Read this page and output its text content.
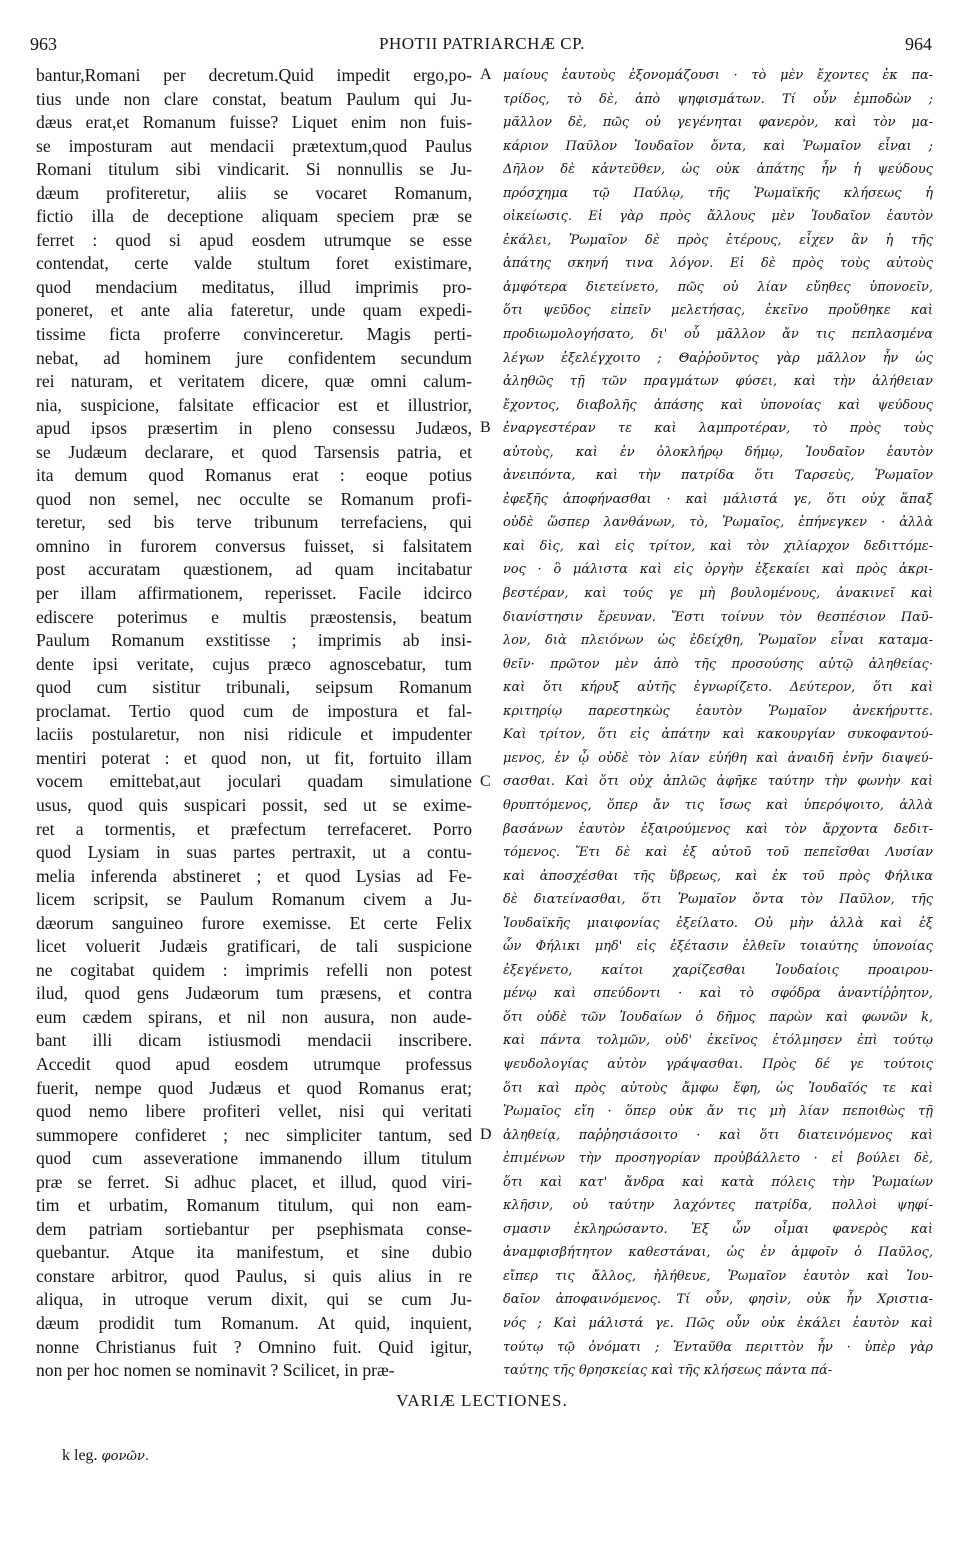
963	PHOTII PATRIARCHÆ CP.	964
bantur,Romani per decretum.Quid impedit ergo,po-
tius unde non clare constat, beatum Paulum qui Ju-
dæus erat,et Romanum fuisse? Liquet enim non fuis-
se imposturam aut mendacii prætextum,quod Paulus
Romani titulum sibi vindicarit. Si nonnullis se Ju-
dæum profiteretur, aliis se vocaret Romanum,
fictio illa de deceptione aliquam speciem præ se
ferret : quod si apud eosdem utrumque se esse
contendat, certe valde stultum foret existimare,
quod mendacium meditatus, illud imprimis pro-
poneret, et ante alia fateretur, unde quam expedi-
tissime ficta proferre convinceretur. Magis perti-
nebat, ad hominem jure confidentem secundum
rei naturam, et veritatem dicere, quæ omni calum-
nia, suspicione, falsitate efficacior est et illustrior,
apud ipsos præsertim in pleno consessu Judæos,
se Judæum declarare, et quod Tarsensis patria, et
ita demum quod Romanus erat : eoque potius
quod non semel, nec occulte se Romanum profi-
teretur, sed bis terve tribunum terrefaciens, qui
omnino in furorem conversus fuisset, si falsitatem
post accuratam quæstionem, ad quam incitabatur
per illam affirmationem, reperisset. Facile idcirco
ediscere poterimus e multis præostensis, beatum
Paulum Romanum exstitisse ; imprimis ab insi-
dente ipsi veritate, cujus præco agnoscebatur, tum
quod cum sistitur tribunali, seipsum Romanum
proclamat. Tertio quod cum de impostura et fal-
laciis postularetur, non nisi ridicule et impudenter
mentiri poterat : et quod non, ut fit, fortuito illam
vocem emittebat,aut joculari quadam simulatione
usus, quod quis suspicari possit, sed ut se exime-
ret a tormentis, et præfectum terrefaceret. Porro
quod Lysiam in suas partes pertraxit, ut a contu-
melia inferenda abstineret ; et quod Lysias ad Fe-
licem scripsit, se Paulum Romanum civem a Ju-
dæorum sanguineo furore exemisse. Et certe Felix
licet voluerit Judæis gratificari, de tali suspicione
ne cogitabat quidem : imprimis refelli non potest
ilud, quod gens Judæorum tum præsens, et contra
eum cædem spirans, et nil non ausura, non aude-
bant illi dicam istiusmodi mendacii inscribere.
Accedit quod apud eosdem utrumque professus
fuerit, nempe quod Judæus et quod Romanus erat;
quod nemo libere profiteri vellet, nisi qui veritati
summopere confideret ; nec simpliciter tantum, sed
quod cum asseveratione immanendo illum titulum
præ se ferret. Si adhuc placet, et illud, quod viri-
tim et urbatim, Romanum titulum, qui non eam-
dem patriam sortiebantur per psephismata conse-
quebantur. Atque ita manifestum, et sine dubio
constare arbitror, quod Paulus, si quis alius in re
aliqua, in utroque verum dixit, qui se cum Ju-
dæum prodidit tum Romanum. At quid, inquient,
nonne Christianus fuit ? Omnino fuit. Quid igitur,
non per hoc nomen se nominavit ? Scilicet, in præ-
A
B
C
D
μαίους ἑαυτοὺς ἐξονομάζουσι · τὸ μὲν ἔχοντες ἐκ πα-
τρίδος, τὸ δὲ, ἀπὸ ψηφισμάτων. Τί οὖν ἐμποδὼν ;
μᾶλλον δὲ, πῶς οὐ γεγένηται φανερὸν, καὶ τὸν μα-
κάριον Παῦλον Ἰουδαῖον ὄντα, καὶ Ῥωμαῖον εἶναι ;
Δῆλον δὲ κἀντεῦθεν, ὡς οὐκ ἀπάτης ἦν ἡ ψεύδους
πρόσχημα τῷ Παύλῳ, τῆς Ῥωμαϊκῆς κλήσεως ἡ
οἰκείωσις. Εἰ γὰρ πρὸς ἄλλους μὲν Ἰουδαῖον ἑαυτὸν
ἐκάλει, Ῥωμαῖον δὲ πρὸς ἑτέρους, εἶχεν ἂν ἡ τῆς
ἀπάτης σκηνή τινα λόγον. Εἰ δὲ πρὸς τοὺς αὐτοὺς
ἀμφότερα διετείνετο, πῶς οὐ λίαν εὔηθες ὑπονοεῖν,
ὅτι ψεῦδος εἰπεῖν μελετήσας, ἐκεῖνο προὔθηκε καὶ
προδιωμολογήσατο, δι' οὗ μᾶλλον ἄν τις πεπλασμένα
λέγων ἐξελέγχοιτο ; Θαῤῥοῦντος γὰρ μᾶλλον ἦν ὡς
ἀληθῶς τῇ τῶν πραγμάτων φύσει, καὶ τὴν ἀλήθειαν
ἔχοντος, διαβολῆς ἁπάσης καὶ ὑπονοίας καὶ ψεύδους
ἐναργεστέραν τε καὶ λαμπροτέραν, τὸ πρὸς τοὺς
αὐτοὺς, καὶ ἐν ὁλοκλήρῳ δήμῳ, Ἰουδαῖον ἑαυτὸν
ἀνειπόντα, καὶ τὴν πατρίδα ὅτι Ταρσεὺς, Ῥωμαῖον
ἐφεξῆς ἀποφήνασθαι · καὶ μάλιστά γε, ὅτι οὐχ ἅπαξ
οὐδὲ ὥσπερ λανθάνων, τὸ, Ῥωμαῖος, ἐπήνεγκεν · ἀλλὰ
καὶ δὶς, καὶ εἰς τρίτον, καὶ τὸν χιλίαρχον δεδιττόμε-
νος · ὃ μάλιστα καὶ εἰς ὀργὴν ἐξεκαίει καὶ πρὸς ἀκρι-
βεστέραν, καὶ τούς γε μὴ βουλομένους, ἀνακινεῖ καὶ
διανίστησιν ἔρευναν. Ἔστι τοίνυν τὸν θεσπέσιον Παῦ-
λον, διὰ πλειόνων ὡς ἐδείχθη, Ῥωμαῖον εἶναι καταμα-
θεῖν· πρῶτον μὲν ἀπὸ τῆς προσούσης αὐτῷ ἀληθείας·
καὶ ὅτι κήρυξ αὐτῆς ἐγνωρίζετο. Δεύτερον, ὅτι καὶ
κριτηρίῳ παρεστηκὼς ἑαυτὸν Ῥωμαῖον ἀνεκήρυττε.
Καὶ τρίτον, ὅτι εἰς ἀπάτην καὶ κακουργίαν συκοφαντού-
μενος, ἐν ᾧ οὐδὲ τὸν λίαν εὐήθη καὶ ἀναιδῆ ἐνῆν διαψεύ-
σασθαι. Καὶ ὅτι οὐχ ἁπλῶς ἀφῆκε ταύτην τὴν φωνὴν καὶ
θρυπτόμενος, ὅπερ ἄν τις ἴσως καὶ ὑπερόψοιτο, ἀλλὰ
βασάνων ἑαυτὸν ἐξαιρούμενος καὶ τὸν ἄρχοντα δεδιτ-
τόμενος. Ἔτι δὲ καὶ ἐξ αὐτοῦ τοῦ πεπεῖσθαι Λυσίαν
καὶ ἀποσχέσθαι τῆς ὕβρεως, καὶ ἐκ τοῦ πρὸς Φήλικα
δὲ διατείνασθαι, ὅτι Ῥωμαῖον ὄντα τὸν Παῦλον, τῆς
Ἰουδαϊκῆς μιαιφονίας ἐξείλατο. Οὐ μὴν ἀλλὰ καὶ ἐξ
ὧν Φήλικι μηδ' εἰς ἐξέτασιν ἐλθεῖν τοιαύτης ὑπονοίας
ἐξεγένετο, καίτοι χαρίζεσθαι Ἰουδαίοις προαιρου-
μένῳ καὶ σπεύδοντι · καὶ τὸ σφόδρα ἀναντίῤῥητον,
ὅτι οὐδὲ τῶν Ἰουδαίων ὁ δῆμος παρὼν καὶ φωνῶν k,
καὶ πάντα τολμῶν, οὐδ' ἐκεῖνος ἐτόλμησεν ἐπὶ τούτῳ
ψευδολογίας αὐτὸν γράψασθαι. Πρὸς δέ γε τούτοις
ὅτι καὶ πρὸς αὐτοὺς ἄμφω ἔφη, ὡς Ἰουδαῖός τε καὶ
Ῥωμαῖος εἴη · ὅπερ οὐκ ἄν τις μὴ λίαν πεποιθὼς τῇ
ἀληθείᾳ, παῤῥησιάσοιτο · καὶ ὅτι διατεινόμενος καὶ
ἐπιμένων τὴν προσηγορίαν προὐβάλλετο · εἰ βούλει δὲ,
ὅτι καὶ κατ' ἄνδρα καὶ κατὰ πόλεις τὴν Ῥωμαίων
κλῆσιν, οὐ ταύτην λαχόντες πατρίδα, πολλοὶ ψηφί-
σμασιν ἐκληρώσαντο. Ἐξ ὧν οἶμαι φανερὸς καὶ
ἀναμφισβήτητον καθεστάναι, ὡς ἐν ἀμφοῖν ὁ Παῦλος,
εἴπερ τις ἄλλος, ἠλήθευε, Ῥωμαῖον ἑαυτὸν καὶ Ἰου-
δαῖον ἀποφαινόμενος. Τί οὖν, φησὶν, οὐκ ἦν Χριστια-
νός ; Καὶ μάλιστά γε. Πῶς οὖν οὐκ ἐκάλει ἑαυτὸν καὶ
τούτῳ τῷ ὀνόματι ; Ἐνταῦθα περιττὸν ἦν · ὑπὲρ γὰρ
ταύτης τῆς θρησκείας καὶ τῆς κλήσεως πάντα πά-
VARIÆ LECTIONES.
k leg. φονῶν.
